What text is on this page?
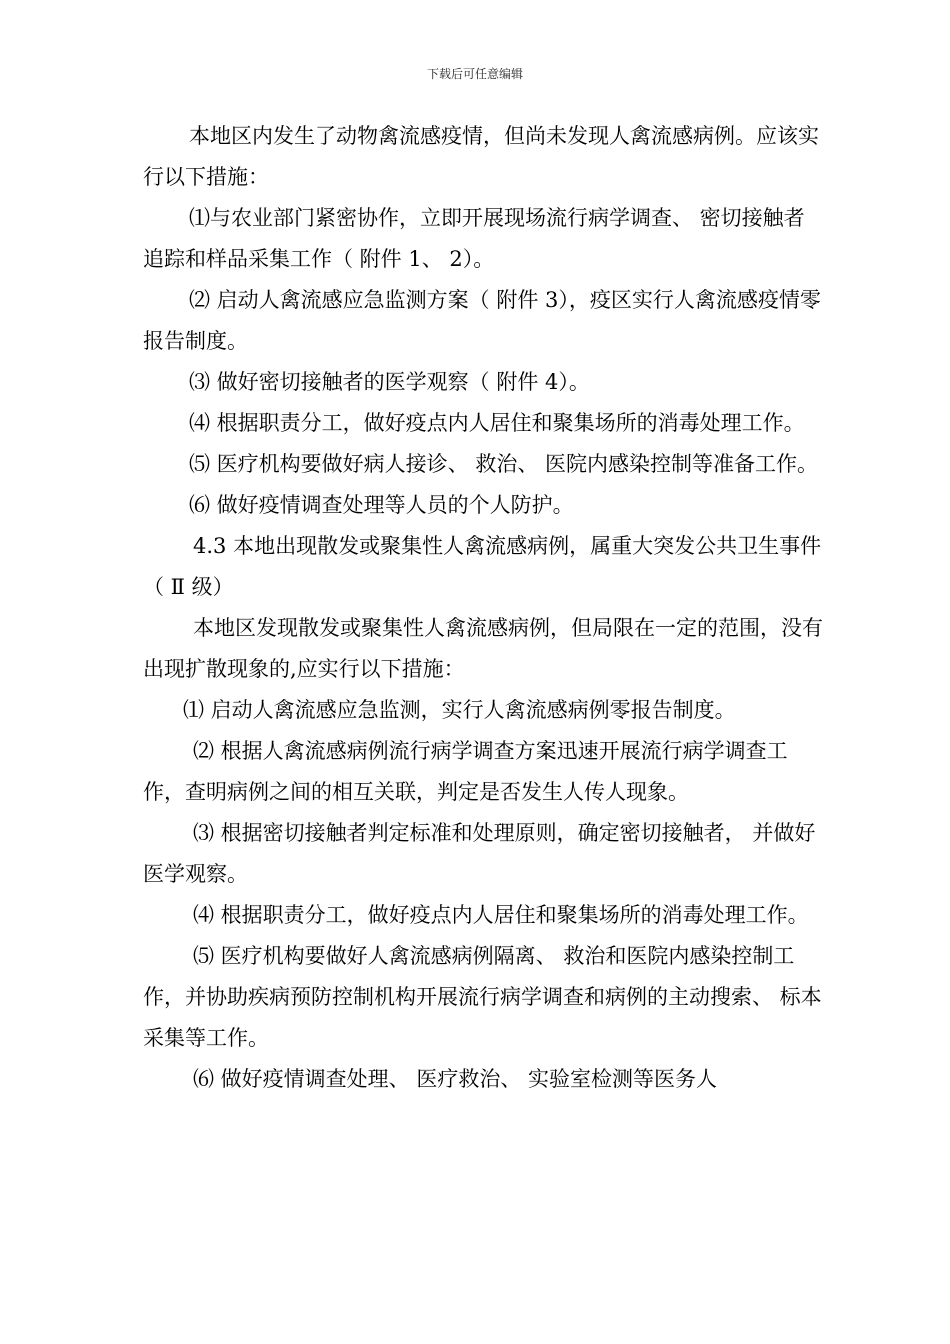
下载后可任意编辑

本地区内发生了动物禽流感疫情，但尚未发现人禽流感病例。应该实行以下措施：

⑴与农业部门紧密协作，立即开展现场流行病学调查、 密切接触者追踪和样品采集工作（ 附件 1、 2）。

⑵ 启动人禽流感应急监测方案（ 附件 3），疫区实行人禽流感疫情零报告制度。

⑶ 做好密切接触者的医学观察（ 附件 4）。

⑷ 根据职责分工，做好疫点内人居住和聚集场所的消毒处理工作。

⑸ 医疗机构要做好病人接诊、 救治、 医院内感染控制等准备工作。

⑹ 做好疫情调查处理等人员的个人防护。

4.3 本地出现散发或聚集性人禽流感病例，属重大突发公共卫生事件（ Ⅱ 级）

本地区发现散发或聚集性人禽流感病例，但局限在一定的范围，没有出现扩散现象的,应实行以下措施：

⑴ 启动人禽流感应急监测，实行人禽流感病例零报告制度。

⑵ 根据人禽流感病例流行病学调查方案迅速开展流行病学调查工作，查明病例之间的相互关联，判定是否发生人传人现象。

⑶ 根据密切接触者判定标准和处理原则，确定密切接触者， 并做好医学观察。

⑷ 根据职责分工，做好疫点内人居住和聚集场所的消毒处理工作。

⑸ 医疗机构要做好人禽流感病例隔离、 救治和医院内感染控制工作，并协助疾病预防控制机构开展流行病学调查和病例的主动搜索、 标本采集等工作。

⑹ 做好疫情调查处理、 医疗救治、 实验室检测等医务人
